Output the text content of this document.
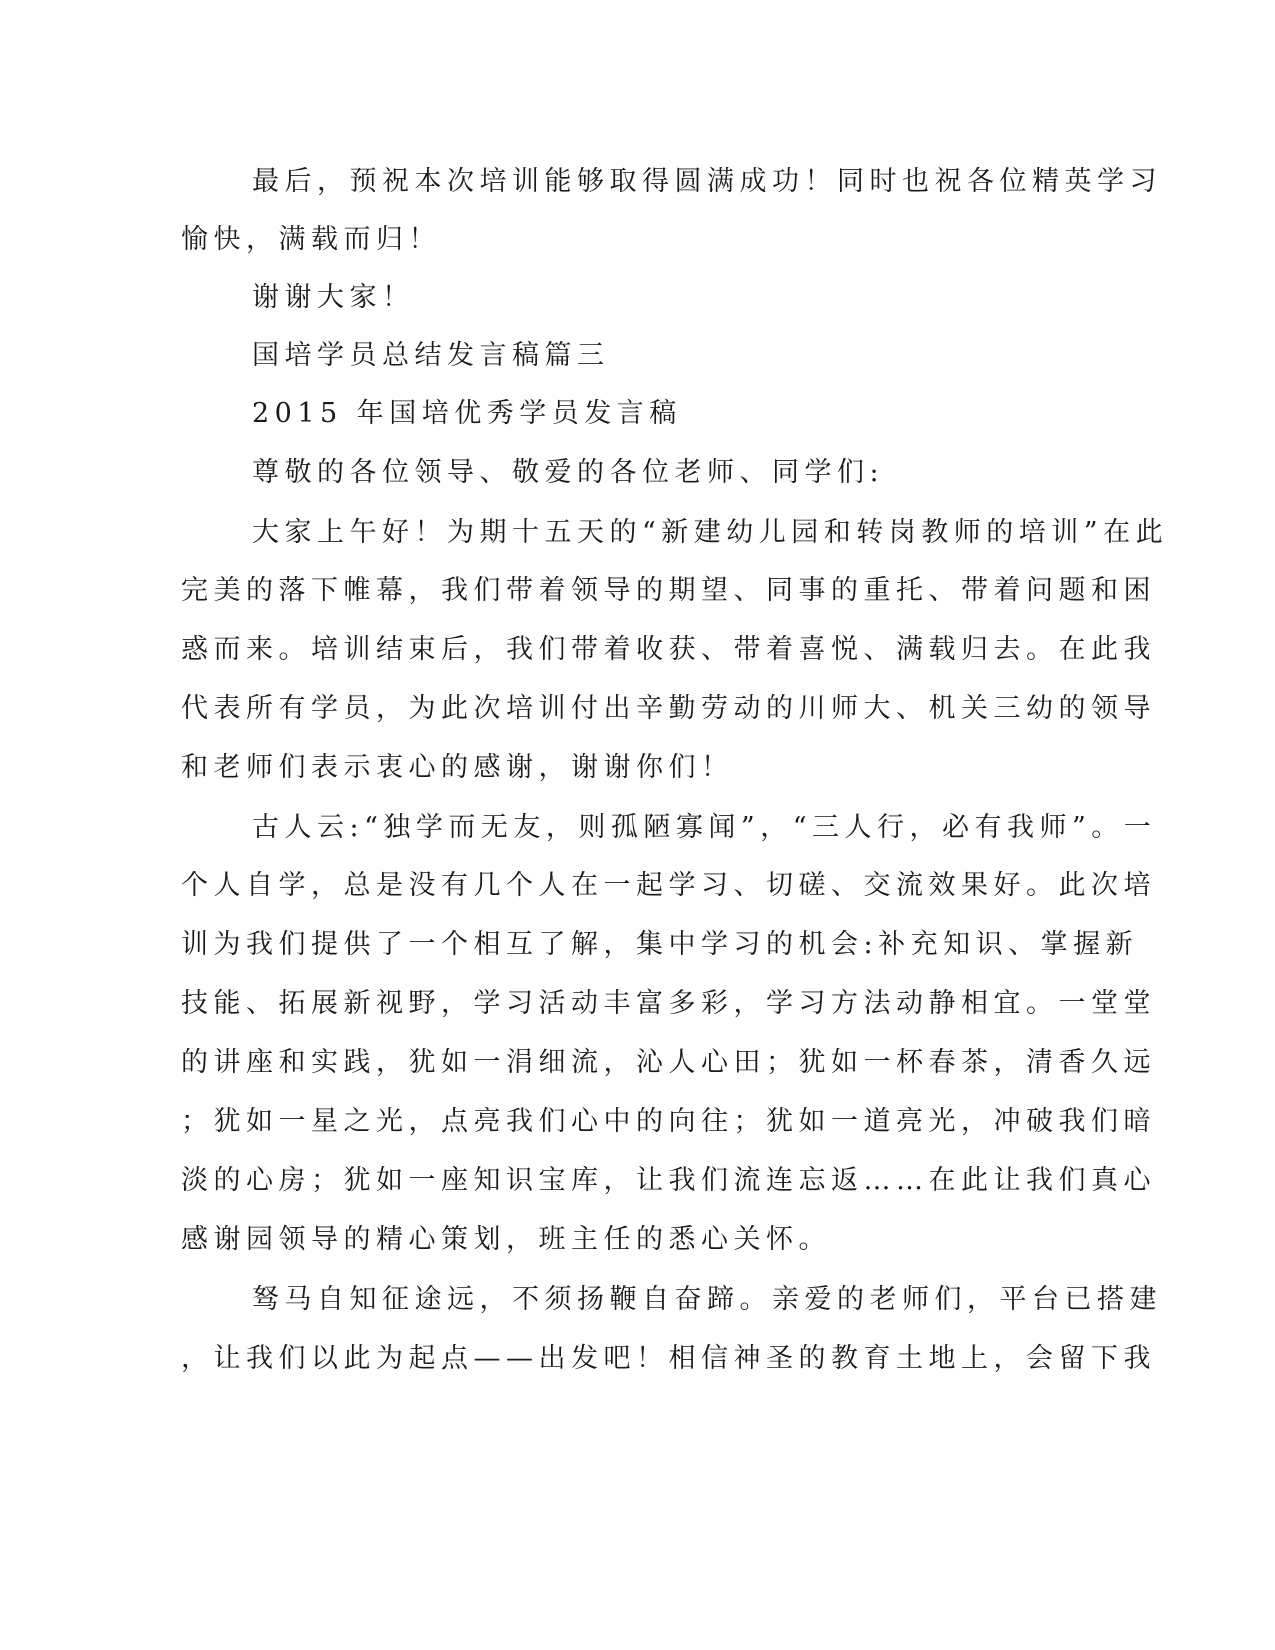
最后，预祝本次培训能够取得圆满成功！同时也祝各位精英学习

愉快，满载而归！

谢谢大家！

国培学员总结发言稿篇三

2015 年国培优秀学员发言稿

尊敬的各位领导、敬爱的各位老师、同学们:

大家上午好！为期十五天的“新建幼儿园和转岗教师的培训”在此

完美的落下帷幕，我们带着领导的期望、同事的重托、带着问题和困

惑而来。培训结束后，我们带着收获、带着喜悦、满载归去。在此我

代表所有学员，为此次培训付出辛勤劳动的川师大、机关三幼的领导

和老师们表示衷心的感谢，谢谢你们！

古人云:“独学而无友，则孤陋寡闻”，“三人行，必有我师”。一

个人自学，总是没有几个人在一起学习、切磋、交流效果好。此次培

训为我们提供了一个相互了解，集中学习的机会:补充知识、掌握新

技能、拓展新视野，学习活动丰富多彩，学习方法动静相宜。一堂堂

的讲座和实践，犹如一涓细流，沁人心田；犹如一杯春茶，清香久远

；犹如一星之光，点亮我们心中的向往；犹如一道亮光，冲破我们暗

淡的心房；犹如一座知识宝库，让我们流连忘返……在此让我们真心

感谢园领导的精心策划，班主任的悉心关怀。

驽马自知征途远，不须扬鞭自奋蹄。亲爱的老师们，平台已搭建

，让我们以此为起点——出发吧！相信神圣的教育土地上，会留下我
